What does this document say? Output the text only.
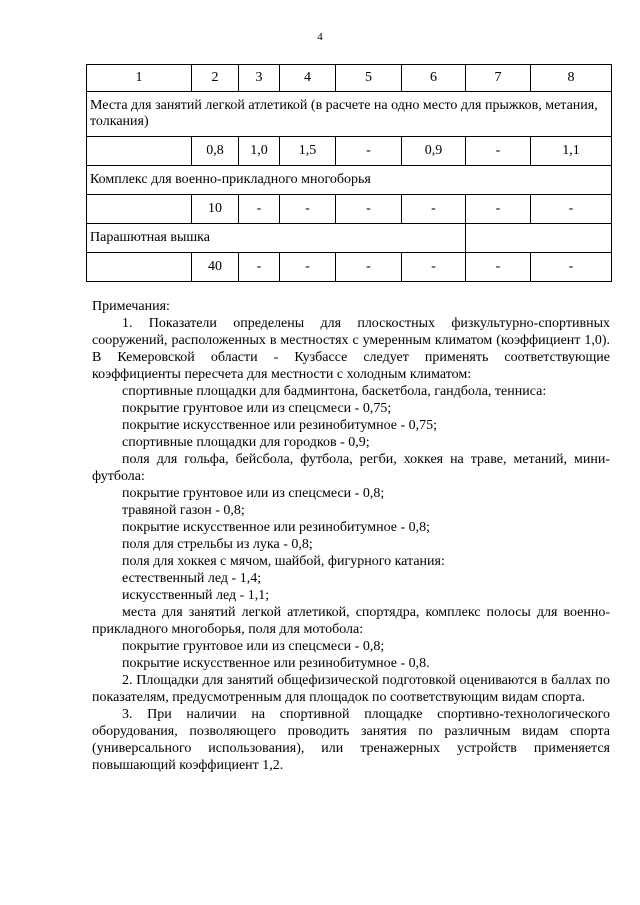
4
1	2	3	4	5	6	7	8
Места для занятий легкой атлетикой (в расчете на одно место для прыжков, метания, толкания)							
	0,8	1,0	1,5	-	0,9	-	1,1
Комплекс для военно-прикладного многоборья							
	10	-	-	-	-	-	-
Парашютная вышка							
	40	-	-	-	-	-	-

Примечания:

1. Показатели определены для плоскостных физкультурно-спортивных сооружений, расположенных в местностях с умеренным климатом (коэффициент 1,0). В Кемеровской области - Кузбассе следует применять соответствующие коэффициенты пересчета для местности с холодным климатом:

спортивные площадки для бадминтона, баскетбола, гандбола, тенниса:

покрытие грунтовое или из спецсмеси - 0,75;

покрытие искусственное или резинобитумное - 0,75;

спортивные площадки для городков - 0,9;

поля для гольфа, бейсбола, футбола, регби, хоккея на траве, метаний, мини-футбола:

покрытие грунтовое или из спецсмеси - 0,8;

травяной газон - 0,8;

покрытие искусственное или резинобитумное - 0,8;

поля для стрельбы из лука - 0,8;

поля для хоккея с мячом, шайбой, фигурного катания:

естественный лед - 1,4;

искусственный лед - 1,1;

места для занятий легкой атлетикой, спортядра, комплекс полосы для военно-прикладного многоборья, поля для мотобола:

покрытие грунтовое или из спецсмеси - 0,8;

покрытие искусственное или резинобитумное - 0,8.

2. Площадки для занятий общефизической подготовкой оцениваются в баллах по показателям, предусмотренным для площадок по соответствующим видам спорта.

3. При наличии на спортивной площадке спортивно-технологического оборудования, позволяющего проводить занятия по различным видам спорта (универсального использования), или тренажерных устройств применяется повышающий коэффициент 1,2.
